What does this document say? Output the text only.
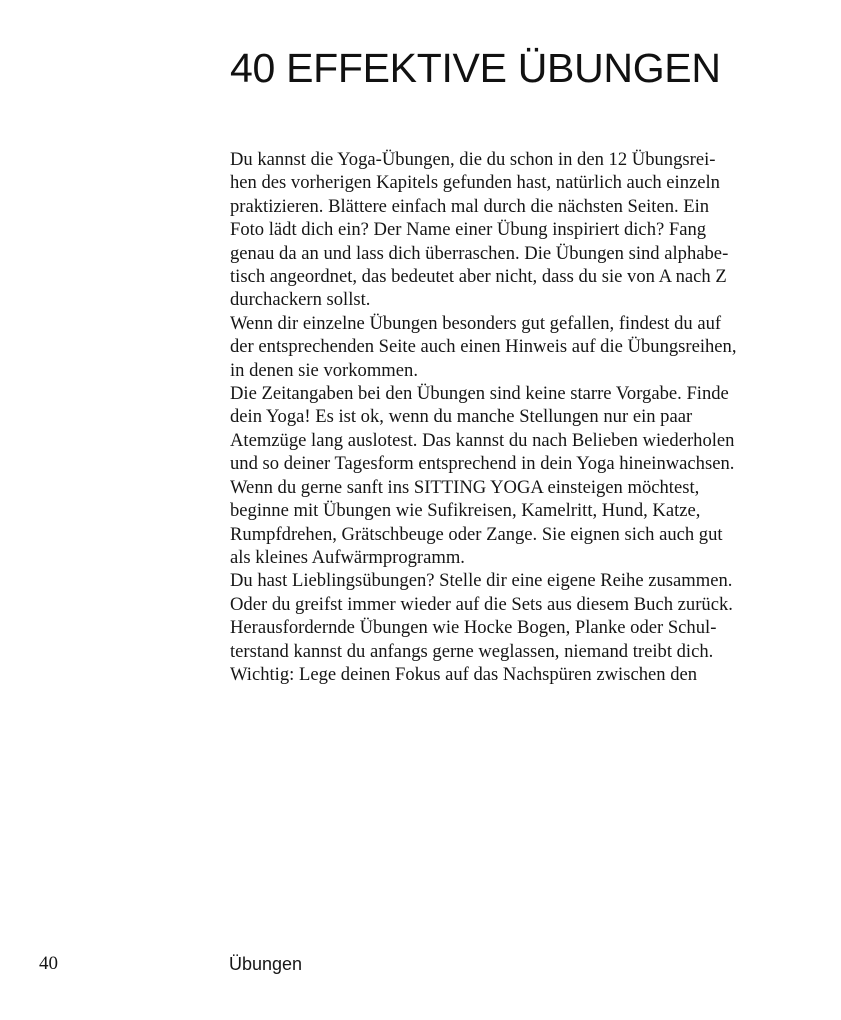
40 EFFEKTIVE ÜBUNGEN
Du kannst die Yoga-Übungen, die du schon in den 12 Übungsrei-
hen des vorherigen Kapitels gefunden hast, natürlich auch einzeln
praktizieren. Blättere einfach mal durch die nächsten Seiten. Ein
Foto lädt dich ein? Der Name einer Übung inspiriert dich? Fang
genau da an und lass dich überraschen. Die Übungen sind alphabe-
tisch angeordnet, das bedeutet aber nicht, dass du sie von A nach Z
durchackern sollst.
Wenn dir einzelne Übungen besonders gut gefallen, findest du auf
der entsprechenden Seite auch einen Hinweis auf die Übungsreihen,
in denen sie vorkommen.
Die Zeitangaben bei den Übungen sind keine starre Vorgabe. Finde
dein Yoga! Es ist ok, wenn du manche Stellungen nur ein paar
Atemzüge lang auslotest. Das kannst du nach Belieben wiederholen
und so deiner Tagesform entsprechend in dein Yoga hineinwachsen.
Wenn du gerne sanft ins SITTING YOGA einsteigen möchtest,
beginne mit Übungen wie Sufikreisen, Kamelritt, Hund, Katze,
Rumpfdrehen, Grätschbeuge oder Zange. Sie eignen sich auch gut
als kleines Aufwärmprogramm.
Du hast Lieblingsübungen? Stelle dir eine eigene Reihe zusammen.
Oder du greifst immer wieder auf die Sets aus diesem Buch zurück.
Herausfordernde Übungen wie Hocke Bogen, Planke oder Schul-
terstand kannst du anfangs gerne weglassen, niemand treibt dich.
Wichtig: Lege deinen Fokus auf das Nachspüren zwischen den
40	Übungen
